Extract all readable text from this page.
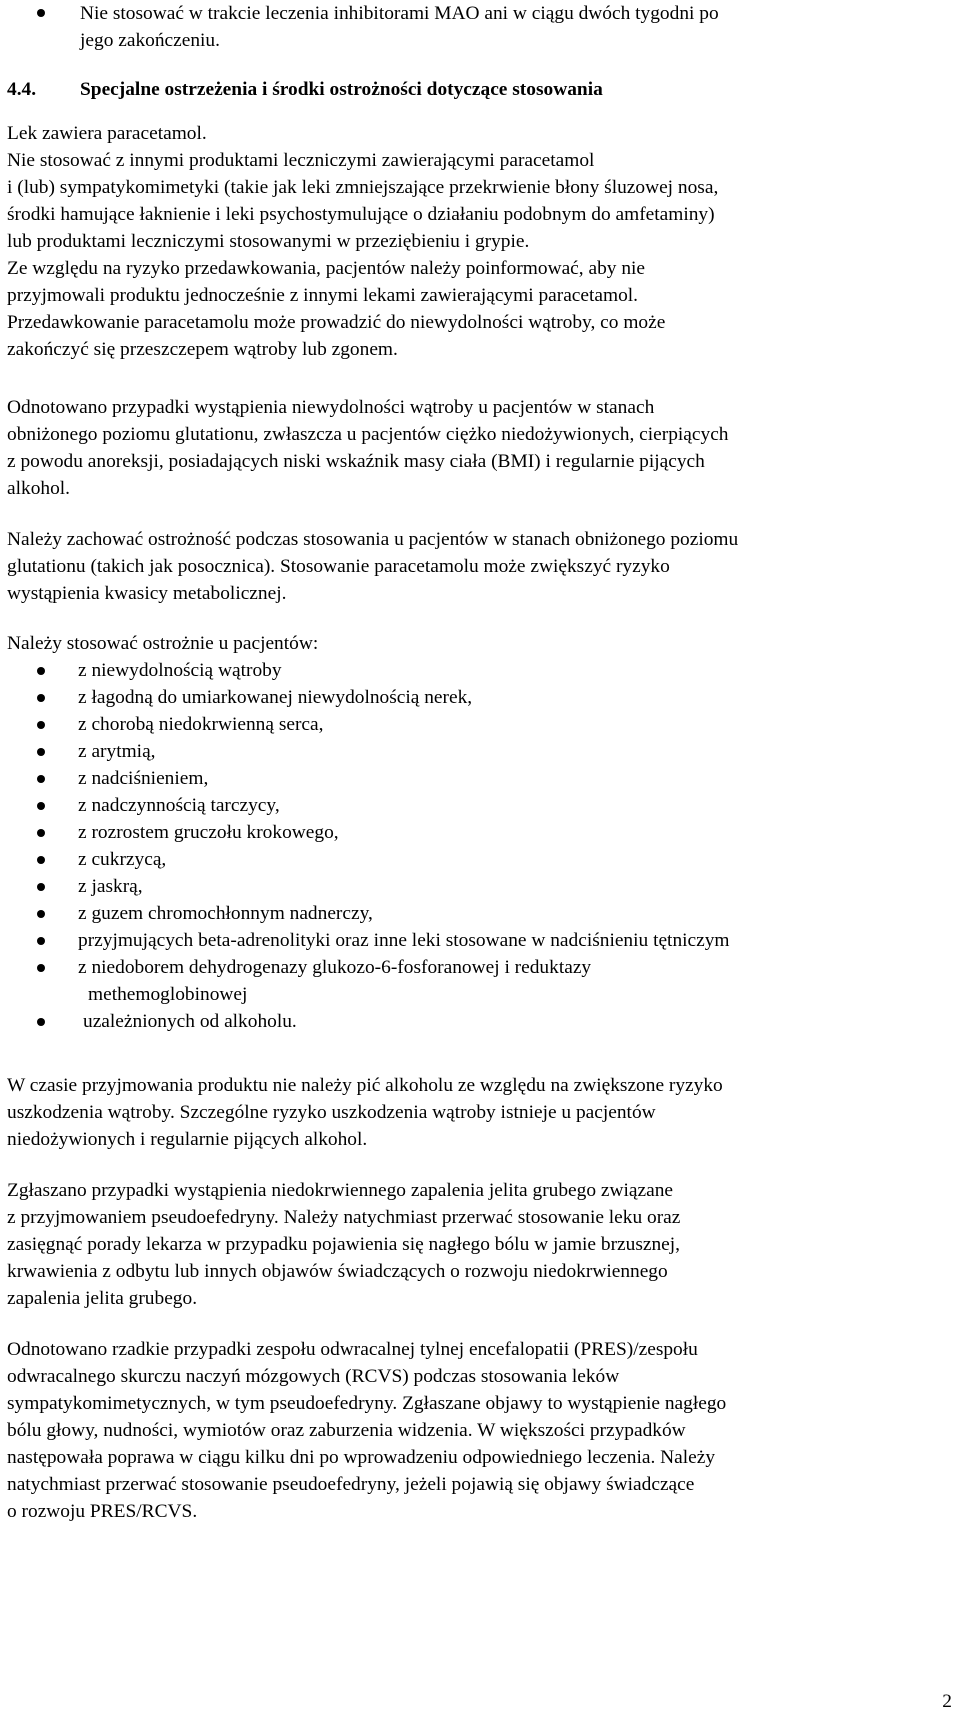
Nie stosować w trakcie leczenia inhibitorami MAO ani w ciągu dwóch tygodni po
jego zakończeniu.
4.4. Specjalne ostrzeżenia i środki ostrożności dotyczące stosowania

Lek zawiera paracetamol.

Nie stosować z innymi produktami leczniczymi zawierającymi paracetamol

i (lub) sympatykomimetyki (takie jak leki zmniejszające przekrwienie błony śluzowej nosa,

środki hamujące łaknienie i leki psychostymulujące o działaniu podobnym do amfetaminy)

lub produktami leczniczymi stosowanymi w przeziębieniu i grypie.

Ze względu na ryzyko przedawkowania, pacjentów należy poinformować, aby nie

przyjmowali produktu jednocześnie z innymi lekami zawierającymi paracetamol.

Przedawkowanie paracetamolu może prowadzić do niewydolności wątroby, co może

zakończyć się przeszczepem wątroby lub zgonem.

Odnotowano przypadki wystąpienia niewydolności wątroby u pacjentów w stanach

obniżonego poziomu glutationu, zwłaszcza u pacjentów ciężko niedożywionych, cierpiących

z powodu anoreksji, posiadających niski wskaźnik masy ciała (BMI) i regularnie pijących

alkohol.

Należy zachować ostrożność podczas stosowania u pacjentów w stanach obniżonego poziomu

glutationu (takich jak posocznica). Stosowanie paracetamolu może zwiększyć ryzyko

wystąpienia kwasicy metabolicznej.

Należy stosować ostrożnie u pacjentów:

z niewydolnością wątroby
z łagodną do umiarkowanej niewydolnością nerek,
z chorobą niedokrwienną serca,
z arytmią,
z nadciśnieniem,
z nadczynnością tarczycy,
z rozrostem gruczołu krokowego,
z cukrzycą,
z jaskrą,
z guzem chromochłonnym nadnerczy,
przyjmujących beta-adrenolityki oraz inne leki stosowane w nadciśnieniu tętniczym
z niedoborem dehydrogenazy glukozo-6-fosforanowej i reduktazy

methemoglobinowej
uzależnionych od alkoholu.

W czasie przyjmowania produktu nie należy pić alkoholu ze względu na zwiększone ryzyko

uszkodzenia wątroby. Szczególne ryzyko uszkodzenia wątroby istnieje u pacjentów

niedożywionych i regularnie pijących alkohol.

Zgłaszano przypadki wystąpienia niedokrwiennego zapalenia jelita grubego związane

z przyjmowaniem pseudoefedryny. Należy natychmiast przerwać stosowanie leku oraz

zasięgnąć porady lekarza w przypadku pojawienia się nagłego bólu w jamie brzusznej,

krwawienia z odbytu lub innych objawów świadczących o rozwoju niedokrwiennego

zapalenia jelita grubego.

Odnotowano rzadkie przypadki zespołu odwracalnej tylnej encefalopatii (PRES)/zespołu

odwracalnego skurczu naczyń mózgowych (RCVS) podczas stosowania leków

sympatykomimetycznych, w tym pseudoefedryny. Zgłaszane objawy to wystąpienie nagłego

bólu głowy, nudności, wymiotów oraz zaburzenia widzenia. W większości przypadków

następowała poprawa w ciągu kilku dni po wprowadzeniu odpowiedniego leczenia. Należy

natychmiast przerwać stosowanie pseudoefedryny, jeżeli pojawią się objawy świadczące

o rozwoju PRES/RCVS.

2
